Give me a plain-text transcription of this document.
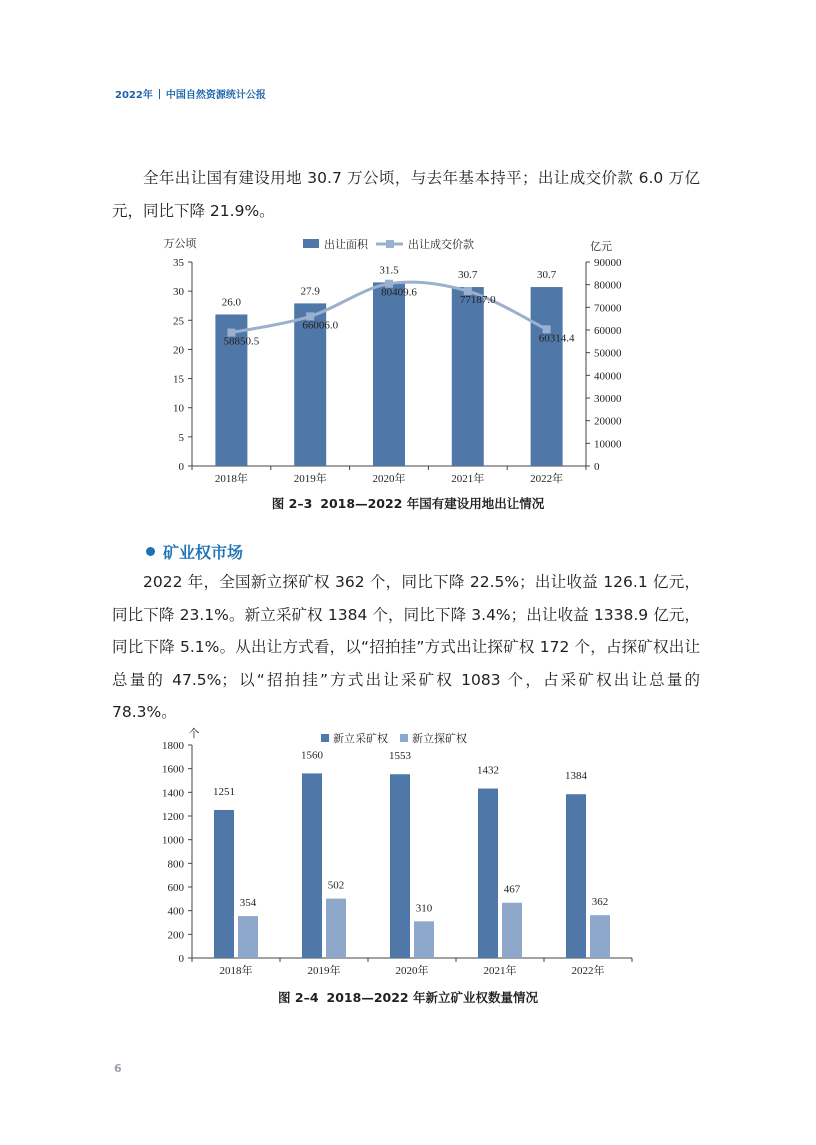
2022年 中国自然资源统计公报

全年出让国有建设用地 30.7 万公顷，与去年基本持平；出让成交价款 6.0 万亿元，同比下降 21.9%。

0
5
10
15
20
25
30
35
0
10000
20000
30000
40000
50000
60000
70000
80000
90000
万公顷	亿元
2018年
26.0
2019年
27.9
2020年
31.5
2021年
30.7
2022年
30.7
58850.5
66006.0
80409.6
77187.0
60314.4
出让面积	出让成交价款
图 2–3 2018—2022 年国有建设用地出让情况
矿业权市场

2022 年，全国新立探矿权 362 个，同比下降 22.5%；出让收益 126.1 亿元，同比下降 23.1%。新立采矿权 1384 个，同比下降 3.4%；出让收益 1338.9 亿元，同比下降 5.1%。从出让方式看，以“招拍挂”方式出让探矿权 172 个，占探矿权出让总量的 47.5%；以“招拍挂”方式出让采矿权 1083 个，占采矿权出让总量的 78.3%。

0
200
400
600
800
1000
1200
1400
1600
1800
个
2018年
1251
354
2019年
1560
502
2020年
1553
310
2021年
1432
467
2022年
1384
362
新立采矿权 新立探矿权
图 2–4 2018—2022 年新立矿业权数量情况
6
